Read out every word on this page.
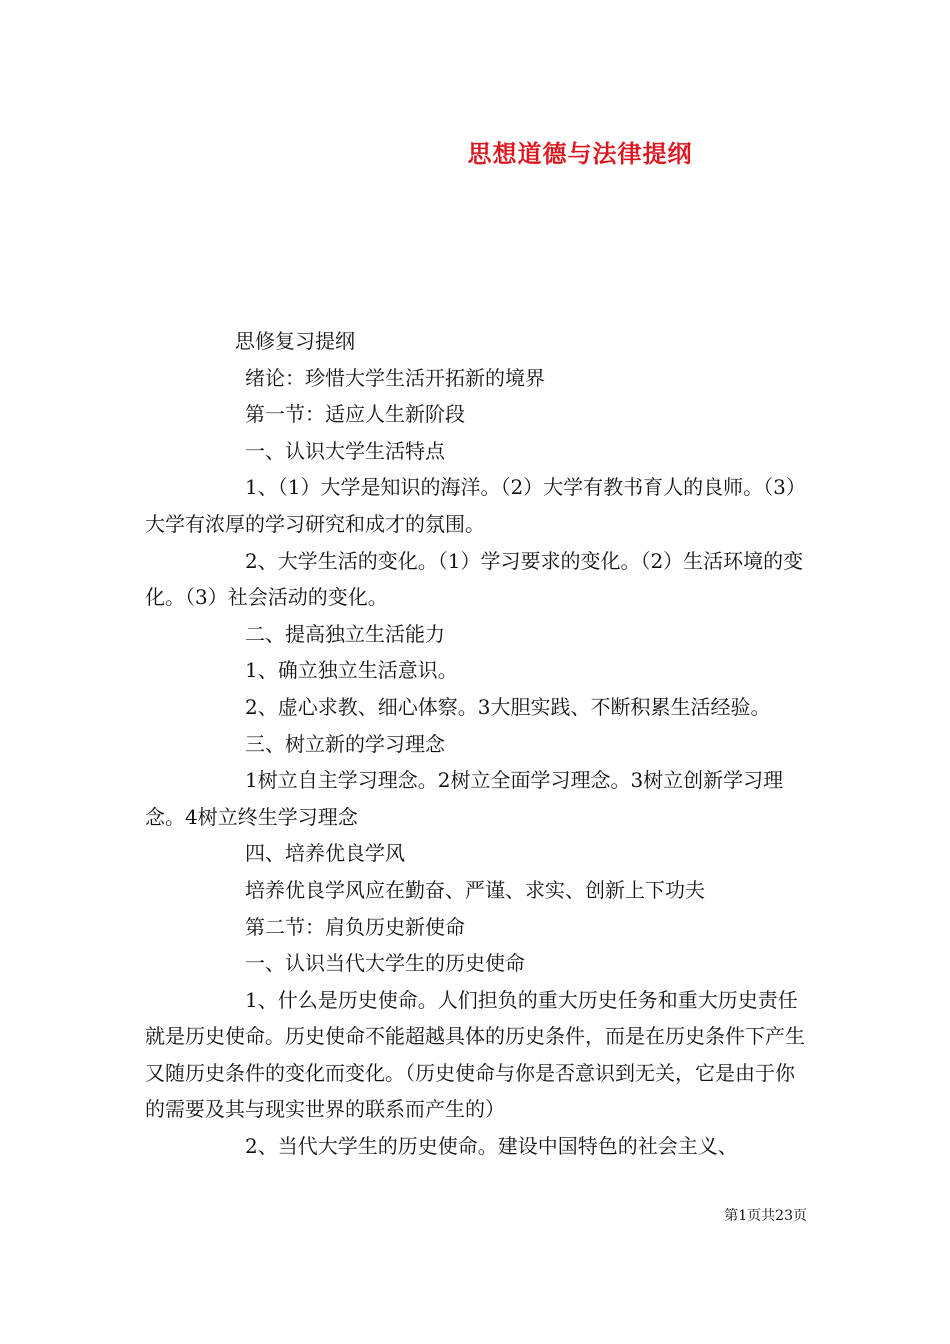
思想道德与法律提纲

思修复习提纲

绪论：珍惜大学生活开拓新的境界

第一节：适应人生新阶段

一、认识大学生活特点

1、（1）大学是知识的海洋。（2）大学有教书育人的良师。（3）大学有浓厚的学习研究和成才的氛围。

2、大学生活的变化。（1）学习要求的变化。（2）生活环境的变化。（3）社会活动的变化。

二、提高独立生活能力

1、确立独立生活意识。

2、虚心求教、细心体察。3大胆实践、不断积累生活经验。

三、树立新的学习理念

1树立自主学习理念。2树立全面学习理念。3树立创新学习理念。4树立终生学习理念

四、培养优良学风

培养优良学风应在勤奋、严谨、求实、创新上下功夫

第二节：肩负历史新使命

一、认识当代大学生的历史使命

1、什么是历史使命。人们担负的重大历史任务和重大历史责任就是历史使命。历史使命不能超越具体的历史条件，而是在历史条件下产生又随历史条件的变化而变化。（历史使命与你是否意识到无关，它是由于你的需要及其与现实世界的联系而产生的）

2、当代大学生的历史使命。建设中国特色的社会主义、

第1页共23页
